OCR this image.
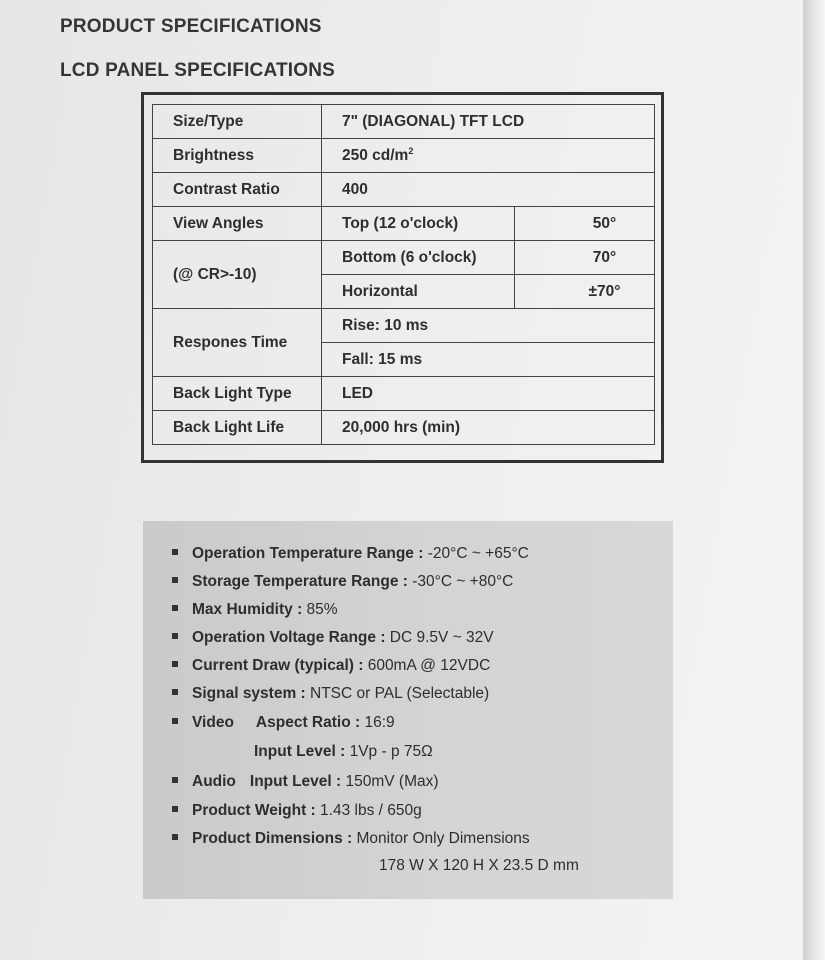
PRODUCT SPECIFICATIONS
LCD PANEL SPECIFICATIONS
Size/Type	7" (DIAGONAL) TFT LCD	
Brightness	250 $cd/m^2$
Contrast Ratio	400	
View Angles	Top (12 o'clock)	50°
(@ CR>-10)	Bottom (6 o'clock)	70°
	Horizontal	±70°
Respones Time	Rise: 10 ms	
	Fall: 15 ms	
Back Light Type	LED	
Back Light Life	20,000 hrs (min)	
Operation Temperature Range : -20°C ~ +65°C
Storage Temperature Range : -30°C ~ +80°C
Max Humidity : 85%
Operation Voltage Range : DC 9.5V ~ 32V
Current Draw (typical) : 600mA @ 12VDC
Signal system : NTSC or PAL (Selectable)
Video Aspect Ratio : 16:9
Input Level : 1Vp - p 75Ω
Audio Input Level : 150mV (Max)
Product Weight : 1.43 lbs / 650g
Product Dimensions : Monitor Only Dimensions
178 W X 120 H X 23.5 D mm
